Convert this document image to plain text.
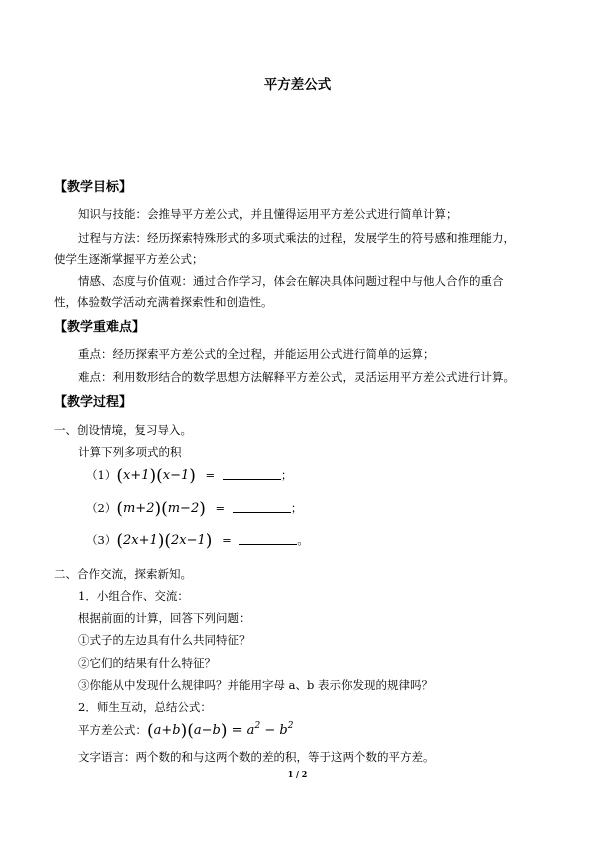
平方差公式
【教学目标】
知识与技能：会推导平方差公式，并且懂得运用平方差公式进行简单计算；
过程与方法：经历探索特殊形式的多项式乘法的过程，发展学生的符号感和推理能力，
使学生逐渐掌握平方差公式；
情感、态度与价值观：通过合作学习，体会在解决具体问题过程中与他人合作的重合
性，体验数学活动充满着探索性和创造性。
【教学重难点】
重点：经历探索平方差公式的全过程，并能运用公式进行简单的运算；
难点：利用数形结合的数学思想方法解释平方差公式，灵活运用平方差公式进行计算。
【教学过程】
一、创设情境，复习导入。
计算下列多项式的积
（1）(x+1)(x−1) =	；
（2）(m+2)(m−2) =	；
（3）(2x+1)(2x−1) =	。
二、合作交流，探索新知。
1．小组合作、交流：
根据前面的计算，回答下列问题：
①式子的左边具有什么共同特征？
②它们的结果有什么特征？
③你能从中发现什么规律吗？并能用字母 a、b 表示你发现的规律吗？
2．师生互动，总结公式：
平方差公式：$(a+b)(a-b) = a^2 - b^2$
文字语言：两个数的和与这两个数的差的积，等于这两个数的平方差。
1 / 2
